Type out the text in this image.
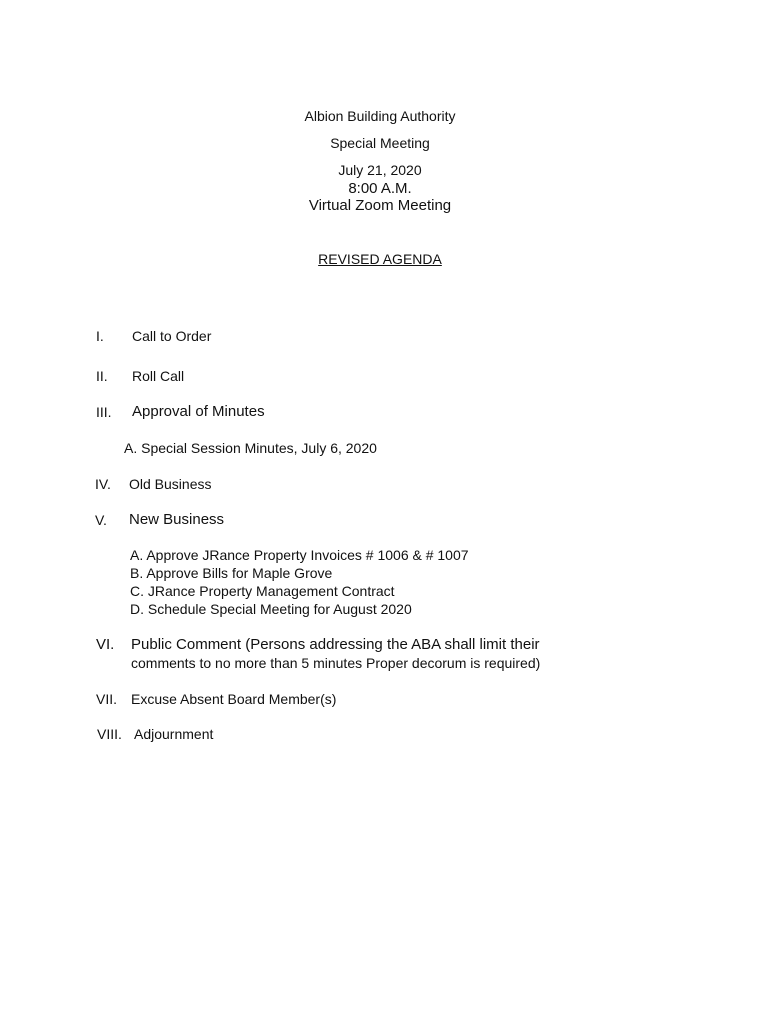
Albion Building Authority
Special Meeting
July 21, 2020
8:00 A.M.
Virtual Zoom Meeting
REVISED AGENDA
I. Call to Order
II. Roll Call
III. Approval of Minutes
A. Special Session Minutes, July 6, 2020
IV. Old Business
V. New Business
A. Approve JRance Property Invoices # 1006 & # 1007
B. Approve Bills for Maple Grove
C. JRance Property Management Contract
D. Schedule Special Meeting for August 2020
VI. Public Comment (Persons addressing the ABA shall limit their
comments to no more than 5 minutes Proper decorum is required)
VII. Excuse Absent Board Member(s)
VIII. Adjournment
